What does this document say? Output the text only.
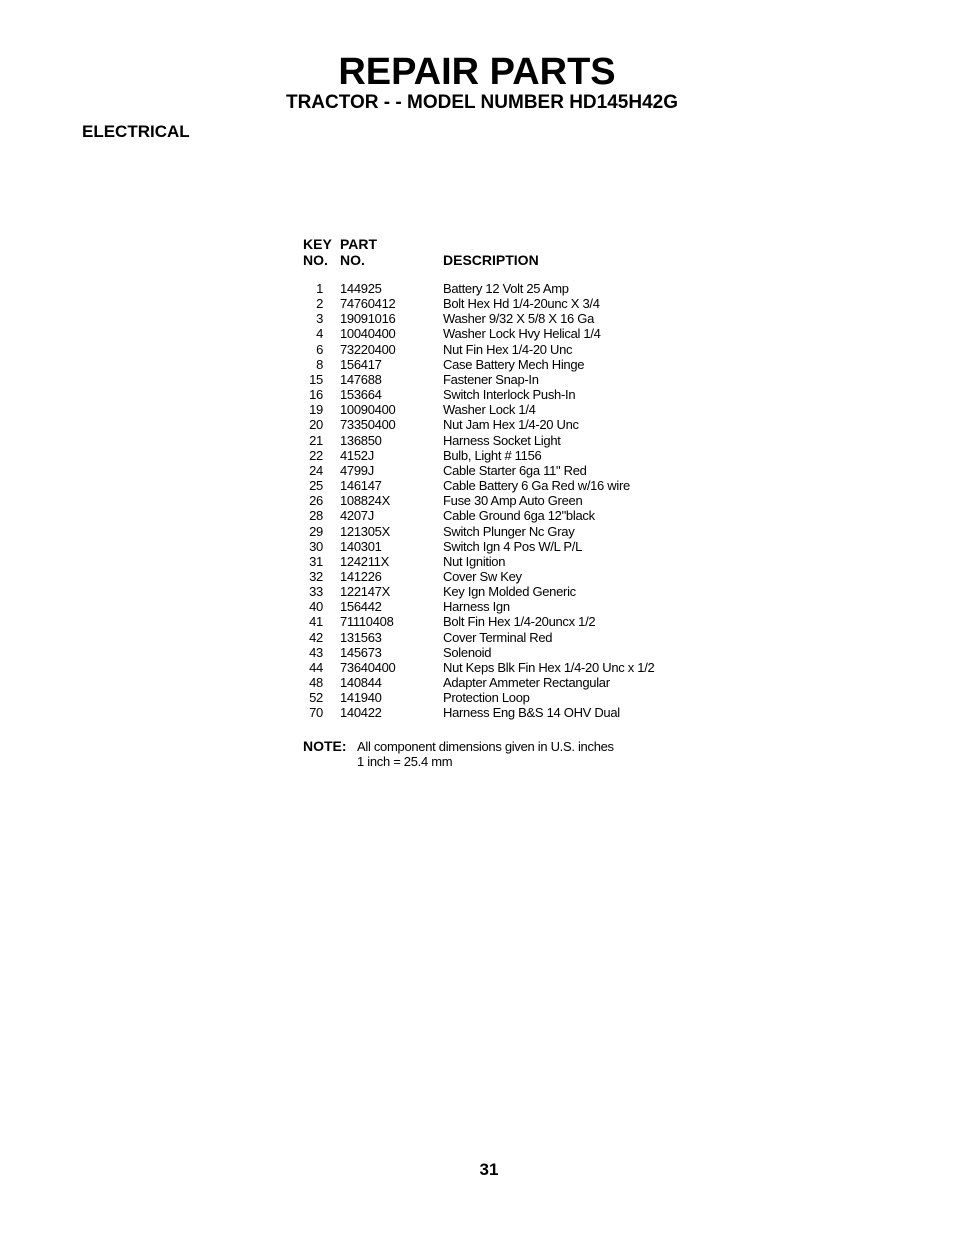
REPAIR PARTS
TRACTOR - - MODEL NUMBER HD145H42G
ELECTRICAL
KEY PART
NO. NO.	DESCRIPTION
1 144925	Battery 12 Volt 25 Amp
2 74760412	Bolt Hex Hd 1/4-20unc X 3/4
3 19091016	Washer 9/32 X 5/8 X 16 Ga
4 10040400	Washer Lock Hvy Helical 1/4
6 73220400	Nut Fin Hex 1/4-20 Unc
8 156417	Case Battery Mech Hinge
15 147688	Fastener Snap-In
16 153664	Switch Interlock Push-In
19 10090400	Washer Lock 1/4
20 73350400	Nut Jam Hex 1/4-20 Unc
21 136850	Harness Socket Light
22 4152J	Bulb, Light # 1156
24 4799J	Cable Starter 6ga 11" Red
25 146147	Cable Battery 6 Ga Red w/16 wire
26 108824X	Fuse 30 Amp Auto Green
28 4207J	Cable Ground 6ga 12"black
29 121305X	Switch Plunger Nc Gray
30 140301	Switch Ign 4 Pos W/L P/L
31 124211X	Nut Ignition
32 141226	Cover Sw Key
33 122147X	Key Ign Molded Generic
40 156442	Harness Ign
41 71110408	Bolt Fin Hex 1/4-20uncx 1/2
42 131563	Cover Terminal Red
43 145673	Solenoid
44 73640400	Nut Keps Blk Fin Hex 1/4-20 Unc x 1/2
48 140844	Adapter Ammeter Rectangular
52 141940	Protection Loop
70 140422	Harness Eng B&S 14 OHV Dual
NOTE: All component dimensions given in U.S. inches
1 inch = 25.4 mm
31
